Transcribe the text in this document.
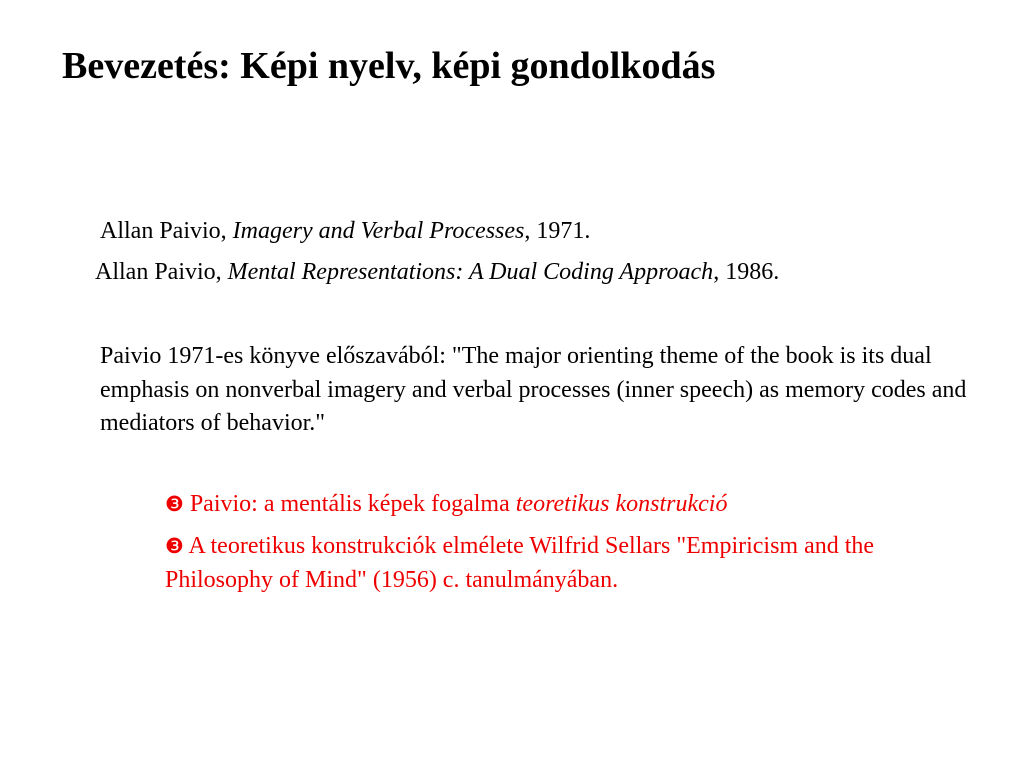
Bevezetés: Képi nyelv, képi gondolkodás
Allan Paivio, Imagery and Verbal Processes, 1971.
Allan Paivio, Mental Representations: A Dual Coding Approach, 1986.

Paivio 1971-es könyve előszavából: "The major orienting theme of the book is its dual emphasis on nonverbal imagery and verbal processes (inner speech) as memory codes and mediators of behavior."

❸ Paivio: a mentális képek fogalma teoretikus konstrukció

❸ A teoretikus konstrukciók elmélete Wilfrid Sellars "Empiricism and the Philosophy of Mind" (1956) c. tanulmányában.
